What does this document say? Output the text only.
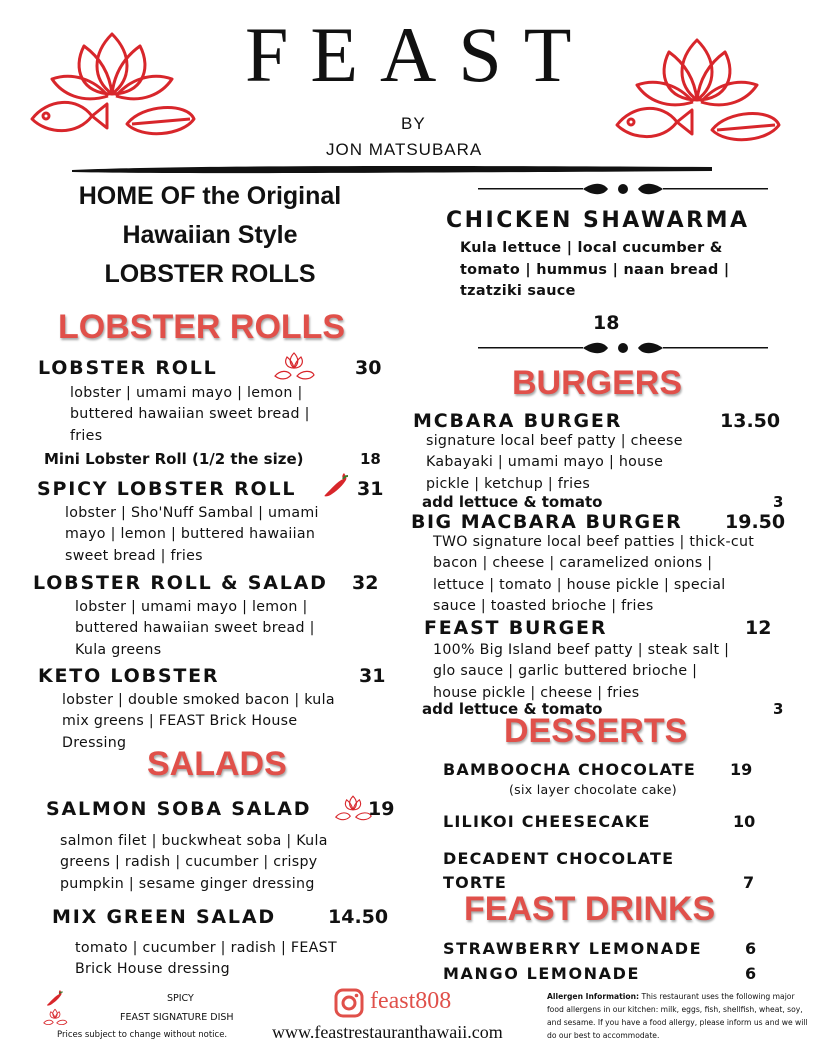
FEAST
BY
JON MATSUBARA
HOME OF the Original
Hawaiian Style
LOBSTER ROLLS
LOBSTER ROLLS
LOBSTER ROLL	30
lobster | umami mayo | lemon |
buttered hawaiian sweet bread |
fries
Mini Lobster Roll (1/2 the size)	18
SPICY LOBSTER ROLL	31
lobster | Sho'Nuff Sambal | umami
mayo | lemon | buttered hawaiian
sweet bread | fries
LOBSTER ROLL & SALAD 32
lobster | umami mayo | lemon |
buttered hawaiian sweet bread |
Kula greens
KETO LOBSTER	31
lobster | double smoked bacon | kula
mix greens | FEAST Brick House
Dressing
SALADS
SALMON SOBA SALAD	19
salmon filet | buckwheat soba | Kula
greens | radish | cucumber | crispy
pumpkin | sesame ginger dressing
MIX GREEN SALAD	14.50
tomato | cucumber | radish | FEAST
Brick House dressing
CHICKEN SHAWARMA
Kula lettuce | local cucumber &
tomato | hummus | naan bread |
tzatziki sauce
18
BURGERS
MCBARA BURGER	13.50
signature local beef patty | cheese
Kabayaki | umami mayo | house
pickle | ketchup | fries
add lettuce & tomato	3
BIG MACBARA BURGER 19.50
TWO signature local beef patties | thick-cut
bacon | cheese | caramelized onions |
lettuce | tomato | house pickle | special
sauce | toasted brioche | fries
FEAST BURGER	12
100% Big Island beef patty | steak salt |
glo sauce | garlic buttered brioche |
house pickle | cheese | fries
add lettuce & tomato	3
DESSERTS
BAMBOOCHA CHOCOLATE 19
(six layer chocolate cake)
LILIKOI CHEESECAKE	10
DECADENT CHOCOLATE
TORTE	7
FEAST DRINKS
STRAWBERRY LEMONADE	6
MANGO LEMONADE	6
SPICY
FEAST SIGNATURE DISH
Prices subject to change without notice.
feast808
www.feastrestauranthawaii.com
Allergen Information: This restaurant uses the following major food allergens in our kitchen: milk, eggs, fish, shellfish, wheat, soy, and sesame. If you have a food allergy, please inform us and we will do our best to accommodate.
